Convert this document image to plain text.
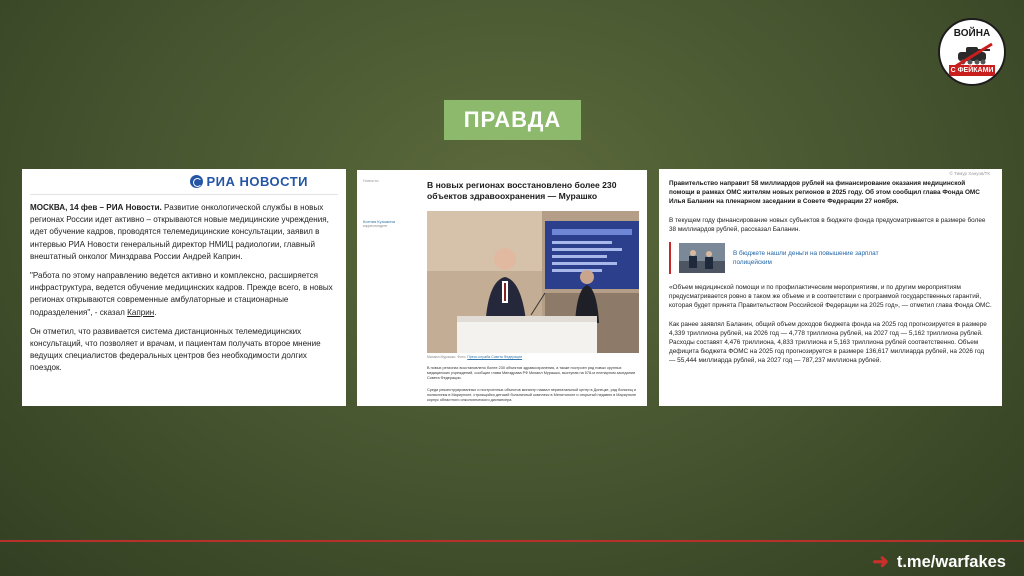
ВОЙНА
С ФЕЙКАМИ
ПРАВДА
РИА НОВОСТИ

МОСКВА, 14 фев – РИА Новости. Развитие онкологической службы в новых регионах России идет активно – открываются новые медицинские учреждения, идет обучение кадров, проводятся телемедицинские консультации, заявил в интервью РИА Новости генеральный директор НМИЦ радиологии, главный внештатный онколог Минздрава России Андрей Каприн.

"Работа по этому направлению ведется активно и комплексно, расширяется инфраструктура, ведется обучение медицинских кадров. Прежде всего, в новых регионах открываются современные амбулаторные и стационарные подразделения", - сказал Каприн.

Он отметил, что развивается система дистанционных телемедицинских консультаций, что позволяет и врачам, и пациентам получать второе мнение ведущих специалистов федеральных центров без необходимости долгих поездок.

Новости
Ксения Кузьмина
корреспондент
В новых регионах восстановлено более 230 объектов здравоохранения — Мурашко
Михаил Мурашко. Фото: Пресс-служба Совета Федерации
В новых регионах восстановлено более 230 объектов здравоохранения, а также построен ряд новых крупных медицинских учреждений, сообщил глава Минздрава РФ Михаил Мурашко, выступая на 578-м пленарном заседании Совета Федерации.
Среди реконструированных и построенных объектов министр назвал перинатальный центр в Донецке, ряд больниц и поликлиник в Мариуполе, строящийся детский больничный комплекс в Мелитополе и открытый недавно в Мариуполе корпус областного онкологического диспансера.
© Тимур Хануов/ТК
Правительство направит 58 миллиардов рублей на финансирование оказания медицинской помощи в рамках ОМС жителям новых регионов в 2025 году. Об этом сообщил глава Фонда ОМС Илья Баланин на пленарном заседании в Совете Федерации 27 ноября.

В текущем году финансирование новых субъектов в бюджете фонда предусматривается в размере более 38 миллиардов рублей, рассказал Баланин.

В бюджете нашли деньги на повышение зарплат полицейским

«Объем медицинской помощи и по профилактическим мероприятиям, и по другим мероприятиям предусматривается ровно в таком же объеме и в соответствии с программой государственных гарантий, которая будет принята Правительством Российской Федерации на 2025 год», — отметил глава Фонда ОМС.

Как ранее заявлял Баланин, общий объем доходов бюджета фонда на 2025 год прогнозируется в размере 4,339 триллиона рублей, на 2026 год — 4,778 триллиона рублей, на 2027 год — 5,162 триллиона рублей. Расходы составят 4,476 триллиона, 4,833 триллиона и 5,163 триллиона рублей соответственно. Объем дефицита бюджета ФОМС на 2025 год прогнозируется в размере 136,617 миллиарда рублей, на 2026 год — 55,444 миллиарда рублей, на 2027 год — 787,237 миллиона рублей.

➜ t.me/warfakes
